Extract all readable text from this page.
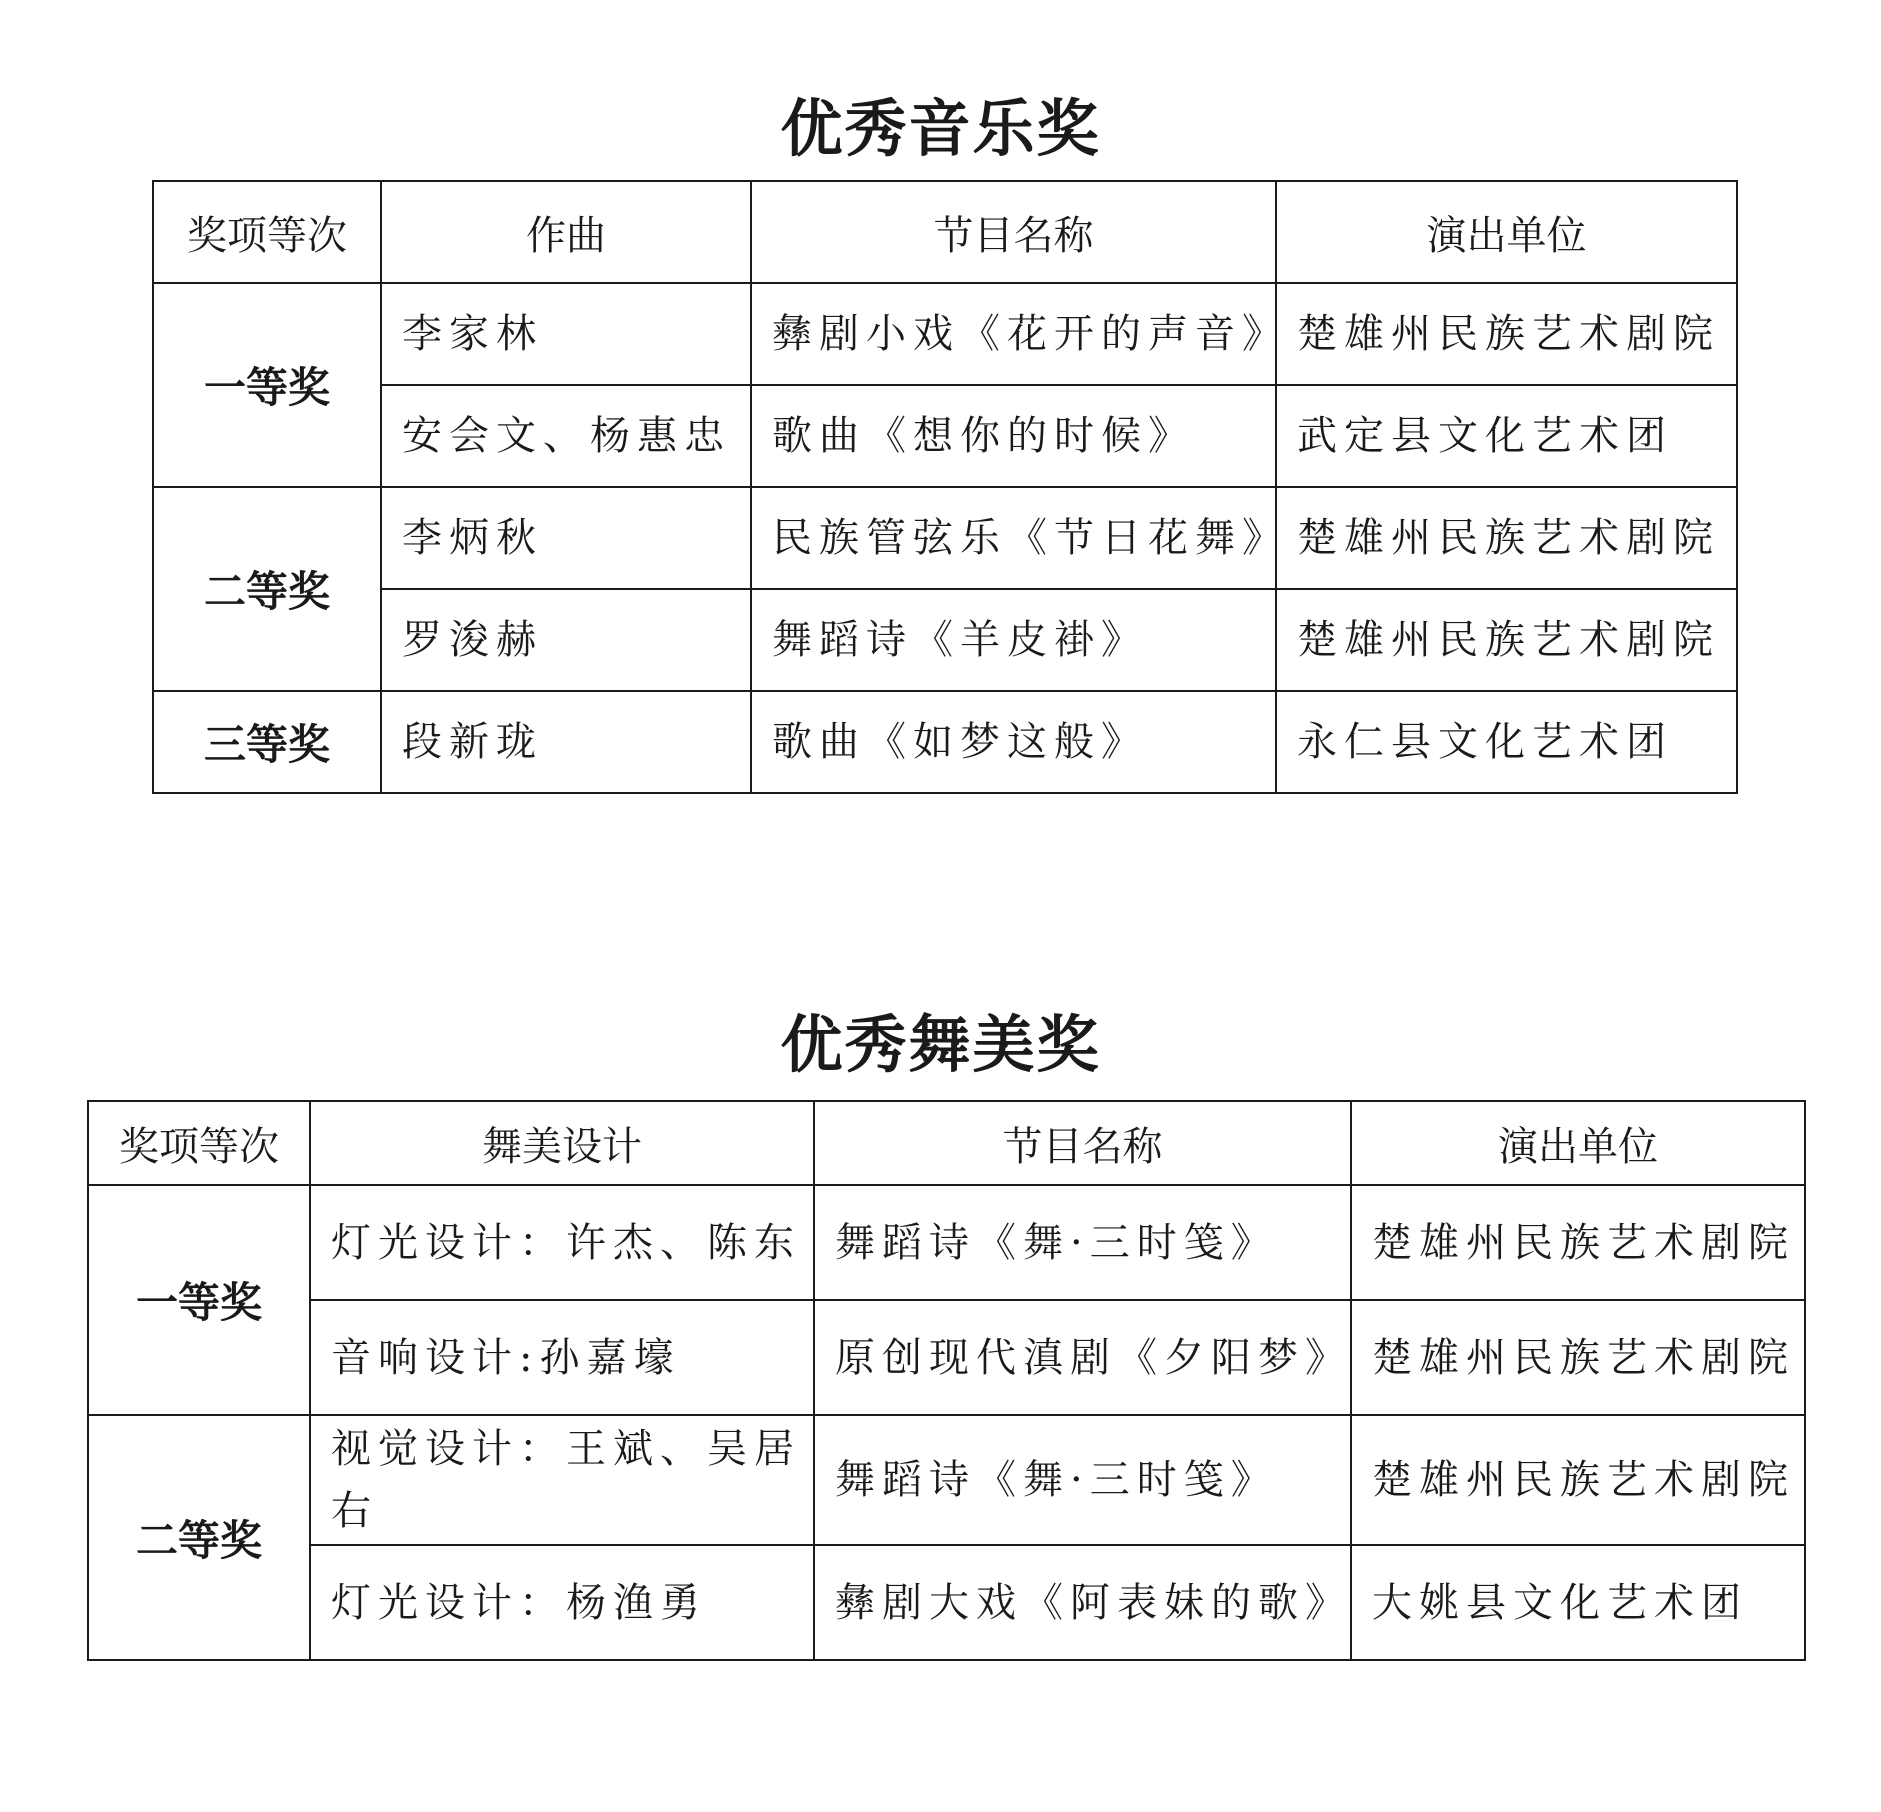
优秀音乐奖
奖项等次	作曲	节目名称	演出单位
一等奖	李家林	彝剧小戏《花开的声音》	楚雄州民族艺术剧院
	安会文、杨惠忠	歌曲《想你的时候》	武定县文化艺术团
二等奖	李炳秋	民族管弦乐《节日花舞》	楚雄州民族艺术剧院
	罗浚赫	舞蹈诗《羊皮褂》	楚雄州民族艺术剧院
三等奖	段新珑	歌曲《如梦这般》	永仁县文化艺术团
优秀舞美奖
奖项等次	舞美设计	节目名称	演出单位
一等奖	灯光设计：许杰、陈东	舞蹈诗《舞·三时笺》	楚雄州民族艺术剧院
	音响设计:孙嘉壕	原创现代滇剧《夕阳梦》	楚雄州民族艺术剧院
二等奖	视觉设计：王斌、吴居右	舞蹈诗《舞·三时笺》	楚雄州民族艺术剧院
	灯光设计：杨渔勇	彝剧大戏《阿表妹的歌》	大姚县文化艺术团
